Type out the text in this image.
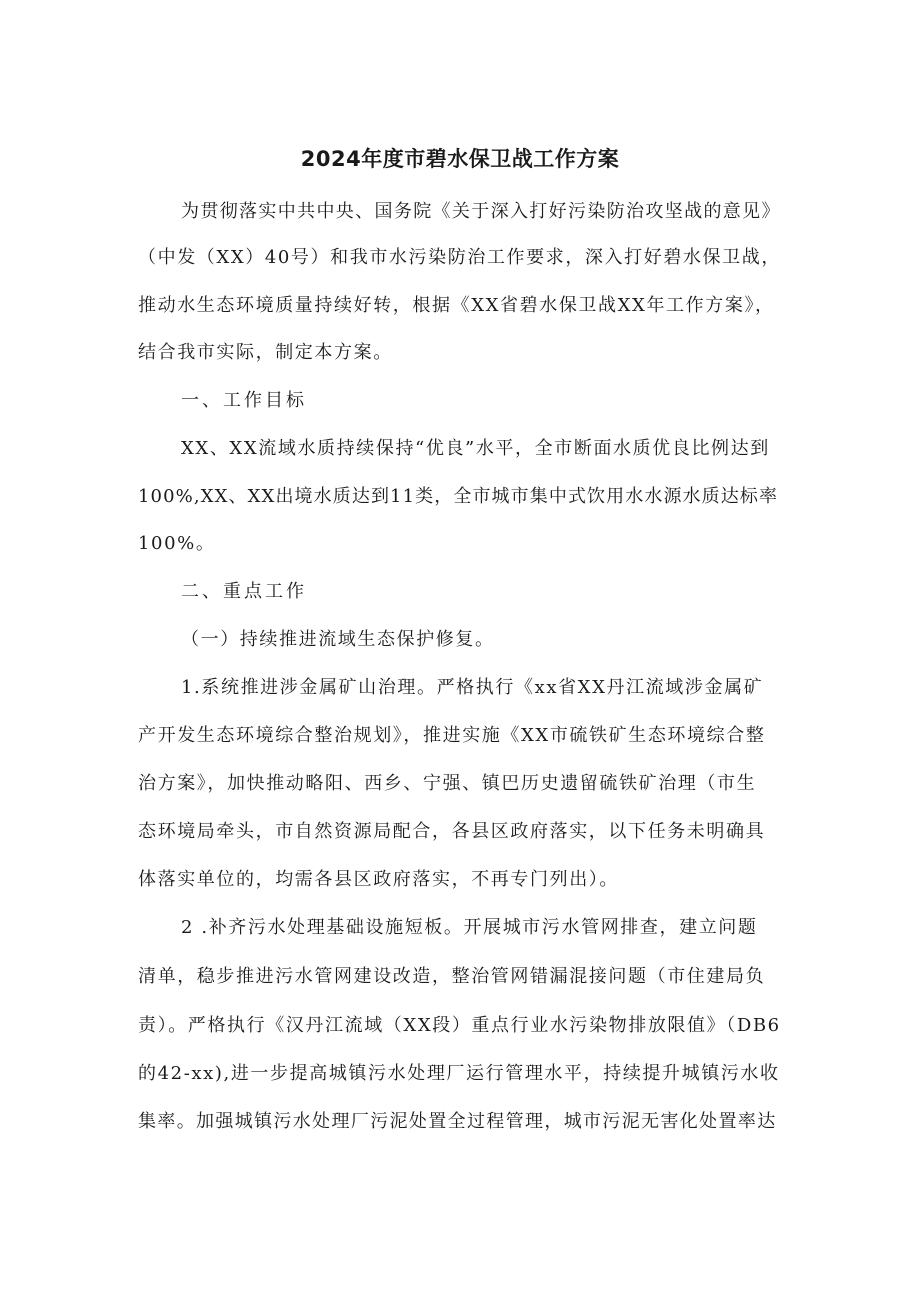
2024年度市碧水保卫战工作方案
为贯彻落实中共中央、国务院《关于深入打好污染防治攻坚战的意见》
（中发（XX）40号）和我市水污染防治工作要求，深入打好碧水保卫战，
推动水生态环境质量持续好转，根据《XX省碧水保卫战XX年工作方案》，
结合我市实际，制定本方案。
一、工作目标
XX、XX流域水质持续保持“优良”水平，全市断面水质优良比例达到
100%,XX、XX出境水质达到11类，全市城市集中式饮用水水源水质达标率
100%。
二、重点工作
（一）持续推进流域生态保护修复。
1.系统推进涉金属矿山治理。严格执行《xx省XX丹江流域涉金属矿
产开发生态环境综合整治规划》，推进实施《XX市硫铁矿生态环境综合整
治方案》，加快推动略阳、西乡、宁强、镇巴历史遗留硫铁矿治理（市生
态环境局牵头，市自然资源局配合，各县区政府落实，以下任务未明确具
体落实单位的，均需各县区政府落实，不再专门列出）。
2 .补齐污水处理基础设施短板。开展城市污水管网排查，建立问题
清单，稳步推进污水管网建设改造，整治管网错漏混接问题（市住建局负
责）。严格执行《汉丹江流域（XX段）重点行业水污染物排放限值》（DB6
的42-xx),进一步提高城镇污水处理厂运行管理水平，持续提升城镇污水收
集率。加强城镇污水处理厂污泥处置全过程管理，城市污泥无害化处置率达
